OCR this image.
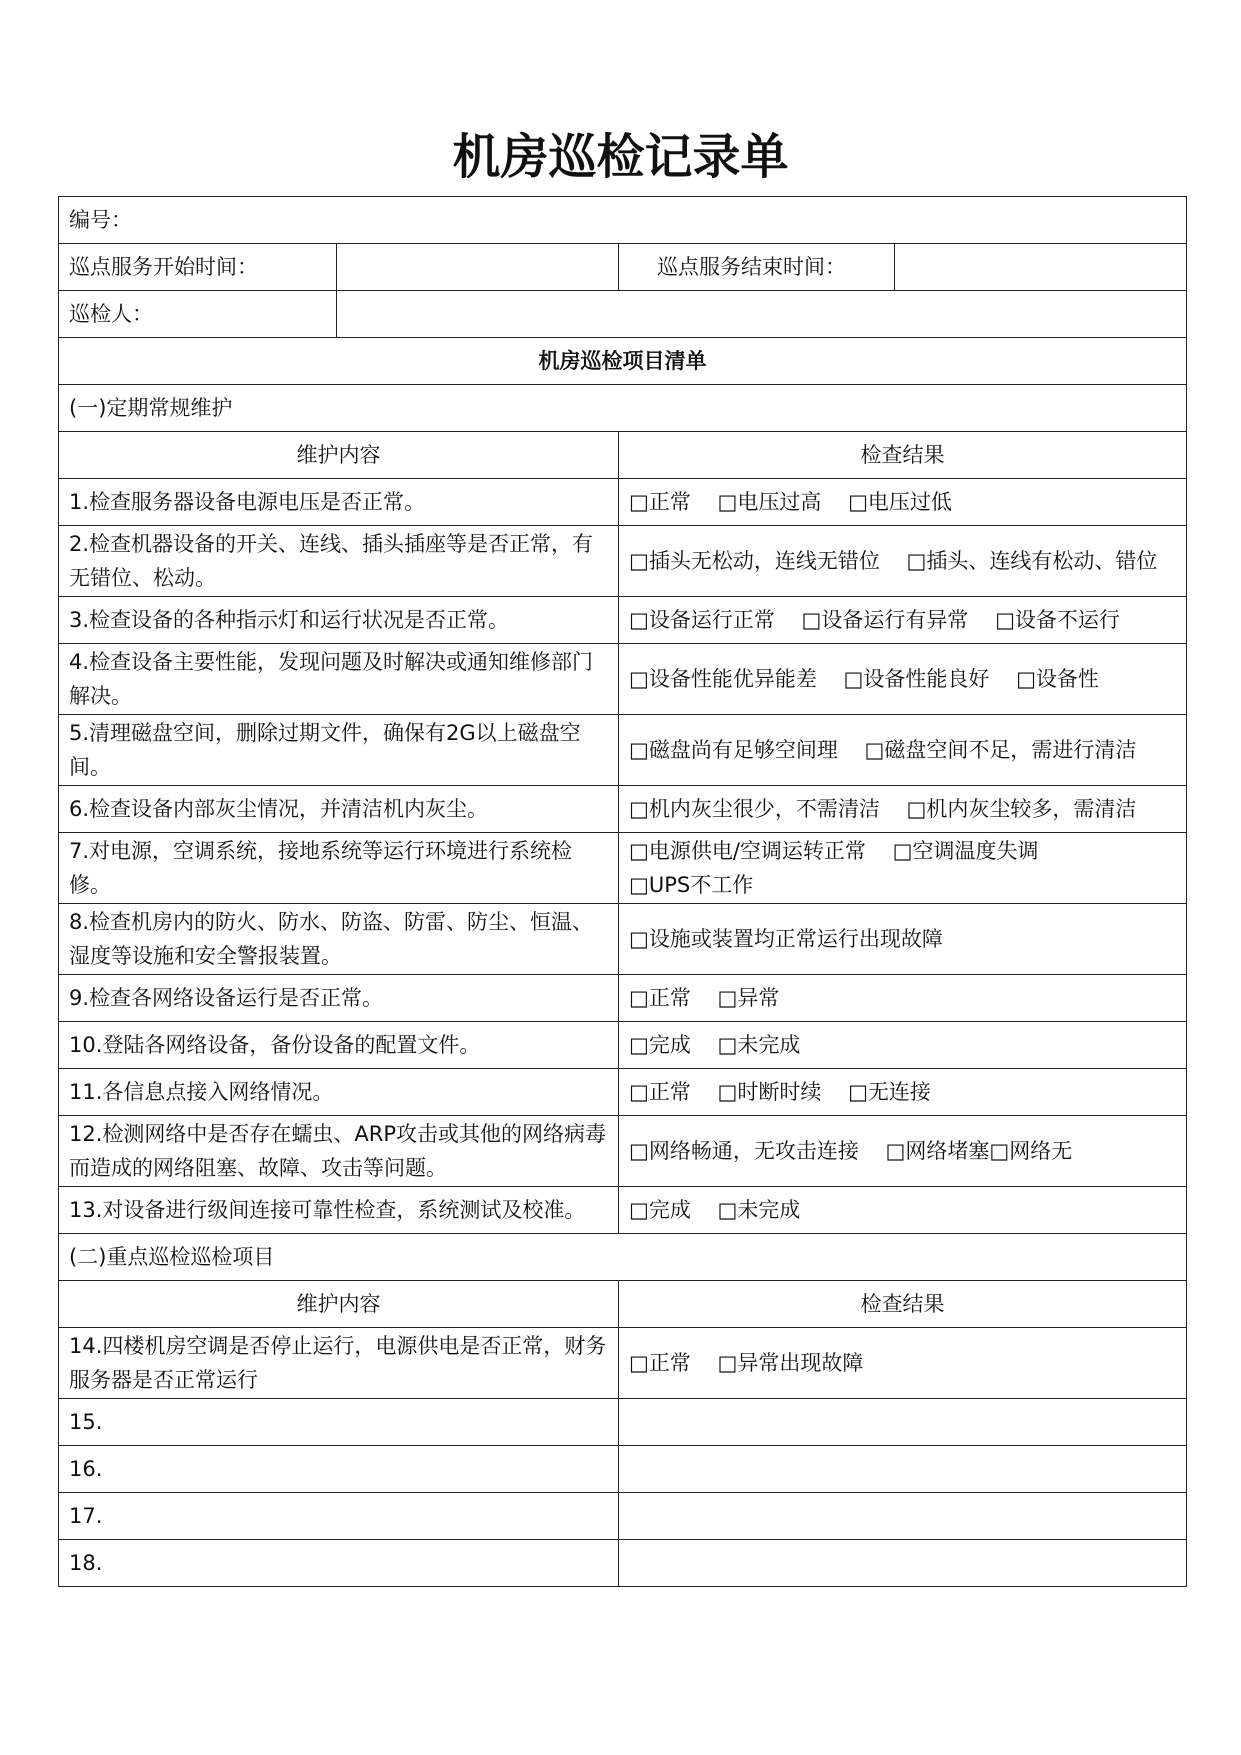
机房巡检记录单
编号：			
巡点服务开始时间：		巡点服务结束时间：	
巡检人：			
机房巡检项目清单			
(一)定期常规维护			
维护内容		检查结果	
1.检查服务器设备电源电压是否正常。		□正常 □电压过高 □电压过低	
2.检查机器设备的开关、连线、插头插座等是否正常，有无错位、松动。		□插头无松动，连线无错位 □插头、连线有松动、错位	
3.检查设备的各种指示灯和运行状况是否正常。		□设备运行正常 □设备运行有异常 □设备不运行	
4.检查设备主要性能，发现问题及时解决或通知维修部门解决。		□设备性能优异能差 □设备性能良好 □设备性	
5.清理磁盘空间，删除过期文件，确保有2G以上磁盘空间。		□磁盘尚有足够空间理 □磁盘空间不足，需进行清洁	
6.检查设备内部灰尘情况，并清洁机内灰尘。		□机内灰尘很少，不需清洁 □机内灰尘较多，需清洁	
7.对电源，空调系统，接地系统等运行环境进行系统检修。		□电源供电/空调运转正常 □空调温度失调 □UPS不工作	
8.检查机房内的防火、防水、防盗、防雷、防尘、恒温、湿度等设施和安全警报装置。		□设施或装置均正常运行出现故障	
9.检查各网络设备运行是否正常。		□正常 □异常	
10.登陆各网络设备，备份设备的配置文件。		□完成 □未完成	
11.各信息点接入网络情况。		□正常 □时断时续 □无连接	
12.检测网络中是否存在蠕虫、ARP攻击或其他的网络病毒而造成的网络阻塞、故障、攻击等问题。		□网络畅通，无攻击连接 □网络堵塞□网络无	
13.对设备进行级间连接可靠性检查，系统测试及校准。		□完成 □未完成	
(二)重点巡检巡检项目			
维护内容		检查结果	
14.四楼机房空调是否停止运行，电源供电是否正常，财务服务器是否正常运行		□正常 □异常出现故障	
15.			
16.			
17.			
18.			
